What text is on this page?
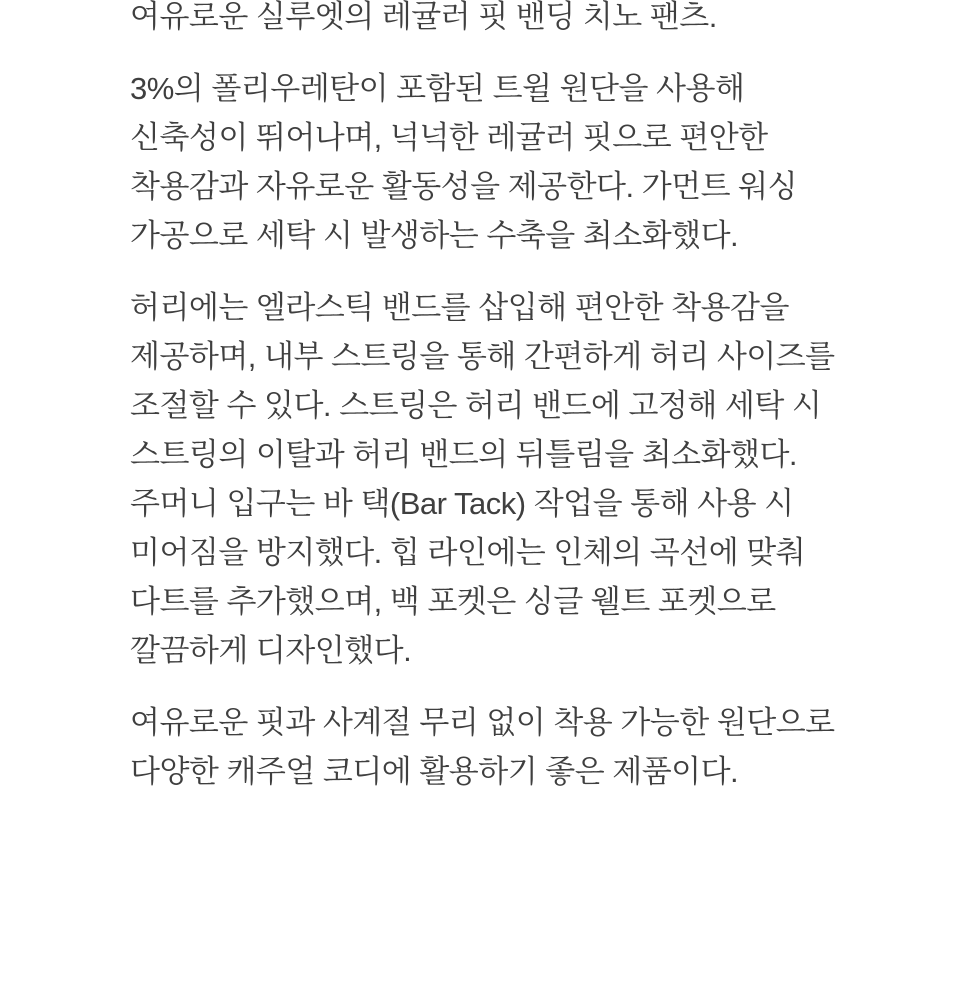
여유로운 실루엣의 레귤러 핏 밴딩 치노 팬츠.

3%의 폴리우레탄이 포함된 트윌 원단을 사용해
신축성이 뛰어나며, 넉넉한 레귤러 핏으로 편안한
착용감과 자유로운 활동성을 제공한다. 가먼트 워싱
가공으로 세탁 시 발생하는 수축을 최소화했다.

허리에는 엘라스틱 밴드를 삽입해 편안한 착용감을
제공하며, 내부 스트링을 통해 간편하게 허리 사이즈를
조절할 수 있다. 스트링은 허리 밴드에 고정해 세탁 시
스트링의 이탈과 허리 밴드의 뒤틀림을 최소화했다.
주머니 입구는 바 택(Bar Tack) 작업을 통해 사용 시
미어짐을 방지했다. 힙 라인에는 인체의 곡선에 맞춰
다트를 추가했으며, 백 포켓은 싱글 웰트 포켓으로
깔끔하게 디자인했다.

여유로운 핏과 사계절 무리 없이 착용 가능한 원단으로
다양한 캐주얼 코디에 활용하기 좋은 제품이다.
